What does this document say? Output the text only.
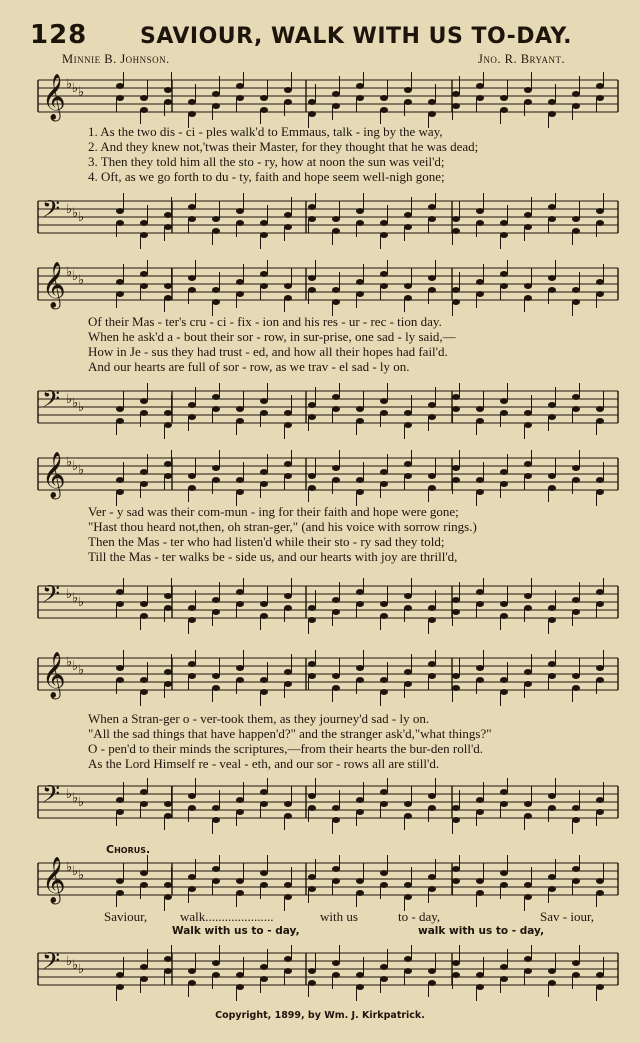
128 SAVIOUR, WALK WITH US TO-DAY.
Minnie B. Johnson.	Jno. R. Bryant.
𝄞 ♭ ♭ ♭
1. As the two dis - ci - ples walk'd to Emmaus, talk - ing by the way,
2. And they knew not,'twas their Master, for they thought that he was dead;
3. Then they told him all the sto - ry, how at noon the sun was veil'd;
4. Oft, as we go forth to du - ty, faith and hope seem well-nigh gone;
𝄢 ♭ ♭ ♭
𝄞 ♭ ♭ ♭
Of their Mas - ter's cru - ci - fix - ion and his res - ur - rec - tion day.
When he ask'd a - bout their sor - row, in sur-prise, one sad - ly said,—
How in Je - sus they had trust - ed, and how all their hopes had fail'd.
And our hearts are full of sor - row, as we trav - el sad - ly on.
𝄢 ♭ ♭ ♭
𝄞 ♭ ♭ ♭
Ver - y sad was their com-mun - ing for their faith and hope were gone;
"Hast thou heard not,then, oh stran-ger," (and his voice with sorrow rings.)
Then the Mas - ter who had listen'd while their sto - ry sad they told;
Till the Mas - ter walks be - side us, and our hearts with joy are thrill'd,
𝄢 ♭ ♭ ♭
𝄞 ♭ ♭ ♭
When a Stran-ger o - ver-took them, as they journey'd sad - ly on.
"All the sad things that have happen'd?" and the stranger ask'd,"what things?"
O - pen'd to their minds the scriptures,—from their hearts the bur-den roll'd.
As the Lord Himself re - veal - eth, and our sor - rows all are still'd.
𝄢 ♭ ♭ ♭
Chorus.
𝄞 ♭ ♭ ♭
Saviour,	walk.....................	with us	to - day,	Sav - iour,
Walk with us to - day,	walk with us to - day,
𝄢 ♭ ♭ ♭
Copyright, 1899, by Wm. J. Kirkpatrick.
